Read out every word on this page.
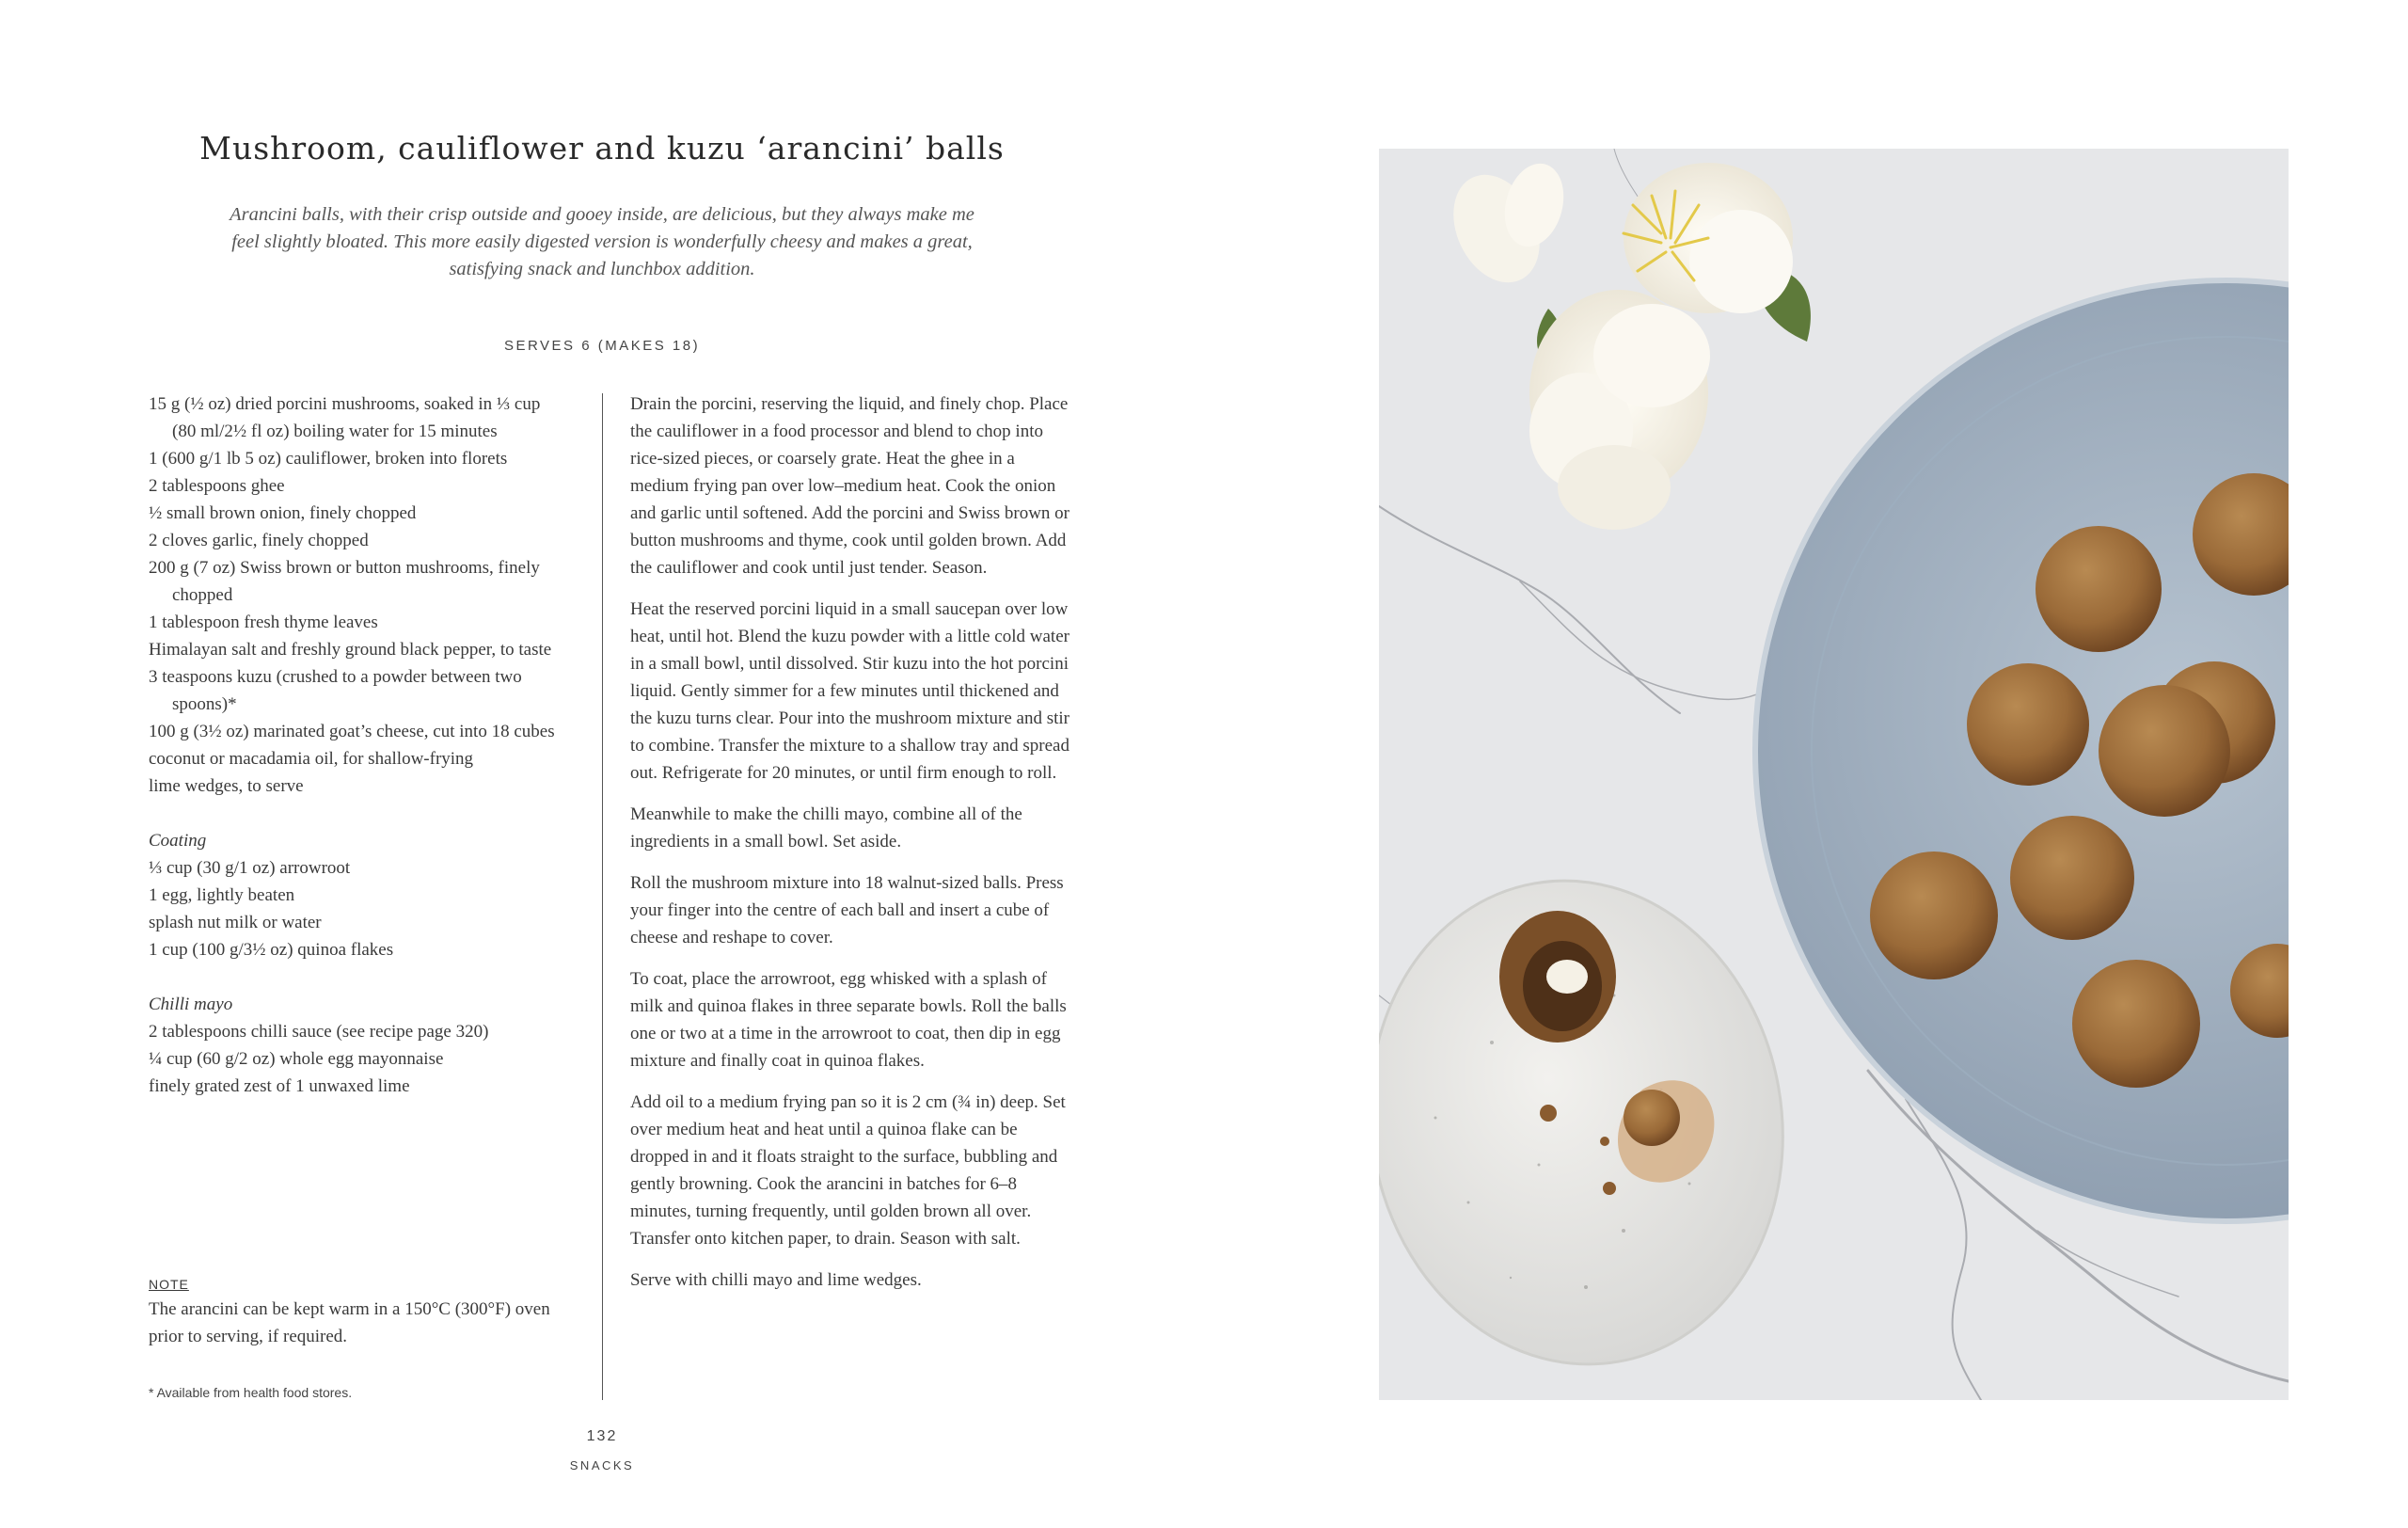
Mushroom, cauliflower and kuzu ‘arancini’ balls

Arancini balls, with their crisp outside and gooey inside, are delicious, but they always make me feel slightly bloated. This more easily digested version is wonderfully cheesy and makes a great, satisfying snack and lunchbox addition.

SERVES 6 (MAKES 18)
15 g (½ oz) dried porcini mushrooms, soaked in ⅓ cup (80 ml/2½ fl oz) boiling water for 15 minutes
1 (600 g/1 lb 5 oz) cauliflower, broken into florets
2 tablespoons ghee
½ small brown onion, finely chopped
2 cloves garlic, finely chopped
200 g (7 oz) Swiss brown or button mushrooms, finely chopped
1 tablespoon fresh thyme leaves
Himalayan salt and freshly ground black pepper, to taste
3 teaspoons kuzu (crushed to a powder between two spoons)*
100 g (3½ oz) marinated goat’s cheese, cut into 18 cubes
coconut or macadamia oil, for shallow-frying
lime wedges, to serve
Coating
⅓ cup (30 g/1 oz) arrowroot
1 egg, lightly beaten
splash nut milk or water
1 cup (100 g/3½ oz) quinoa flakes
Chilli mayo
2 tablespoons chilli sauce (see recipe page 320)
¼ cup (60 g/2 oz) whole egg mayonnaise
finely grated zest of 1 unwaxed lime

Drain the porcini, reserving the liquid, and finely chop. Place the cauliflower in a food processor and blend to chop into rice-sized pieces, or coarsely grate. Heat the ghee in a medium frying pan over low–medium heat. Cook the onion and garlic until softened. Add the porcini and Swiss brown or button mushrooms and thyme, cook until golden brown. Add the cauliflower and cook until just tender. Season.

Heat the reserved porcini liquid in a small saucepan over low heat, until hot. Blend the kuzu powder with a little cold water in a small bowl, until dissolved. Stir kuzu into the hot porcini liquid. Gently simmer for a few minutes until thickened and the kuzu turns clear. Pour into the mushroom mixture and stir to combine. Transfer the mixture to a shallow tray and spread out. Refrigerate for 20 minutes, or until firm enough to roll.

Meanwhile to make the chilli mayo, combine all of the ingredients in a small bowl. Set aside.

Roll the mushroom mixture into 18 walnut-sized balls. Press your finger into the centre of each ball and insert a cube of cheese and reshape to cover.

To coat, place the arrowroot, egg whisked with a splash of milk and quinoa flakes in three separate bowls. Roll the balls one or two at a time in the arrowroot to coat, then dip in egg mixture and finally coat in quinoa flakes.

Add oil to a medium frying pan so it is 2 cm (¾ in) deep. Set over medium heat and heat until a quinoa flake can be dropped in and it floats straight to the surface, bubbling and gently browning. Cook the arancini in batches for 6–8 minutes, turning frequently, until golden brown all over. Transfer onto kitchen paper, to drain. Season with salt.

Serve with chilli mayo and lime wedges.

NOTE
The arancini can be kept warm in a 150°C (300°F) oven prior to serving, if required.
* Available from health food stores.
132
SNACKS
